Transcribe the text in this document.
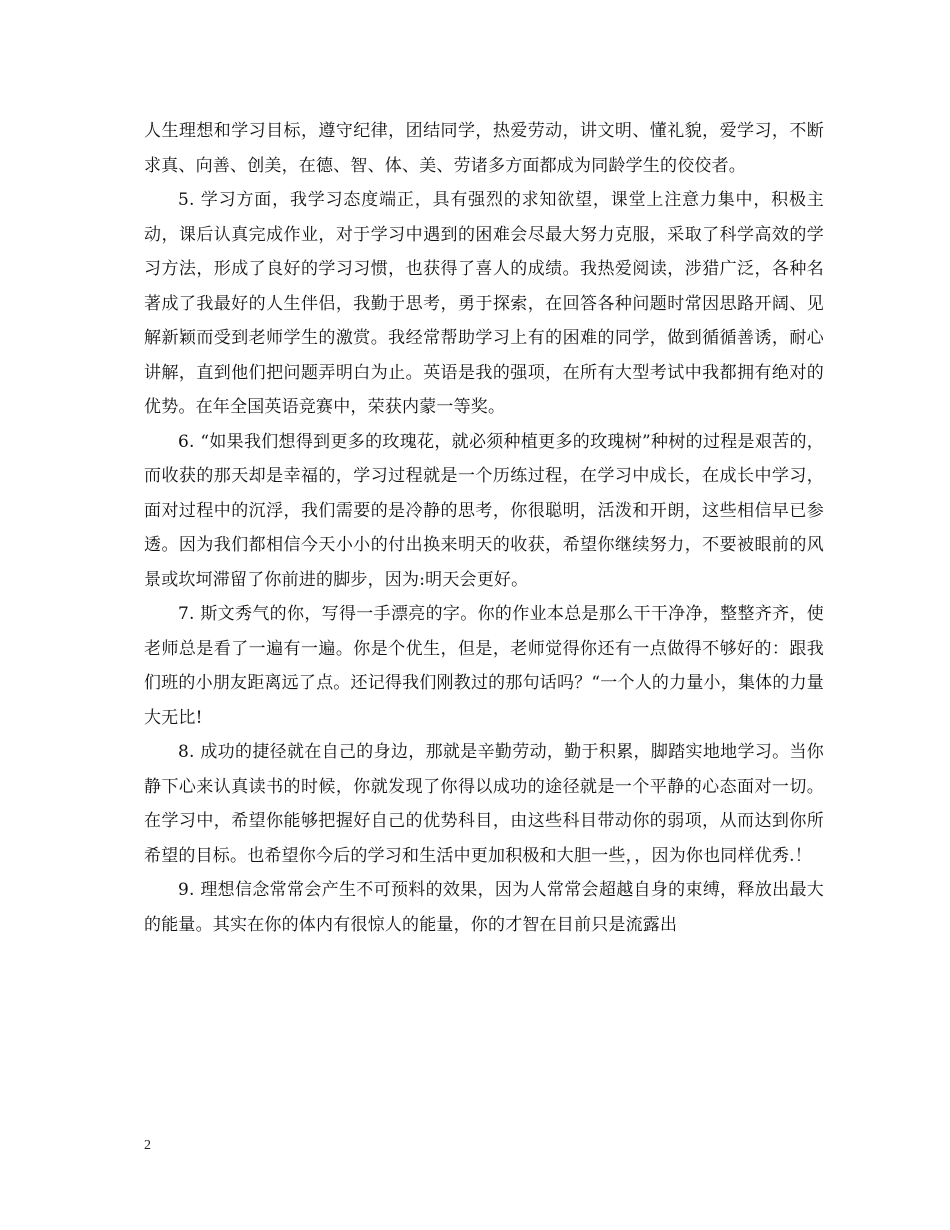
人生理想和学习目标，遵守纪律，团结同学，热爱劳动，讲文明、懂礼貌，爱学习，不断求真、向善、创美，在德、智、体、美、劳诸多方面都成为同龄学生的佼佼者。

5. 学习方面，我学习态度端正，具有强烈的求知欲望，课堂上注意力集中，积极主动，课后认真完成作业，对于学习中遇到的困难会尽最大努力克服，采取了科学高效的学习方法，形成了良好的学习习惯，也获得了喜人的成绩。我热爱阅读，涉猎广泛，各种名著成了我最好的人生伴侣，我勤于思考，勇于探索，在回答各种问题时常因思路开阔、见解新颖而受到老师学生的激赏。我经常帮助学习上有的困难的同学，做到循循善诱，耐心讲解，直到他们把问题弄明白为止。英语是我的强项，在所有大型考试中我都拥有绝对的优势。在年全国英语竞赛中，荣获内蒙一等奖。

6. “如果我们想得到更多的玫瑰花，就必须种植更多的玫瑰树”种树的过程是艰苦的，而收获的那天却是幸福的，学习过程就是一个历练过程，在学习中成长，在成长中学习，面对过程中的沉浮，我们需要的是冷静的思考，你很聪明，活泼和开朗，这些相信早已参透。因为我们都相信今天小小的付出换来明天的收获，希望你继续努力，不要被眼前的风景或坎坷滞留了你前进的脚步，因为:明天会更好。

7. 斯文秀气的你，写得一手漂亮的字。你的作业本总是那么干干净净，整整齐齐，使老师总是看了一遍有一遍。你是个优生，但是，老师觉得你还有一点做得不够好的：跟我们班的小朋友距离远了点。还记得我们刚教过的那句话吗？“一个人的力量小，集体的力量大无比!

8. 成功的捷径就在自己的身边，那就是辛勤劳动，勤于积累，脚踏实地地学习。当你静下心来认真读书的时候，你就发现了你得以成功的途径就是一个平静的心态面对一切。在学习中，希望你能够把握好自己的优势科目，由这些科目带动你的弱项，从而达到你所希望的目标。也希望你今后的学习和生活中更加积极和大胆一些，，因为你也同样优秀.！

9. 理想信念常常会产生不可预料的效果，因为人常常会超越自身的束缚，释放出最大的能量。其实在你的体内有很惊人的能量，你的才智在目前只是流露出

2
